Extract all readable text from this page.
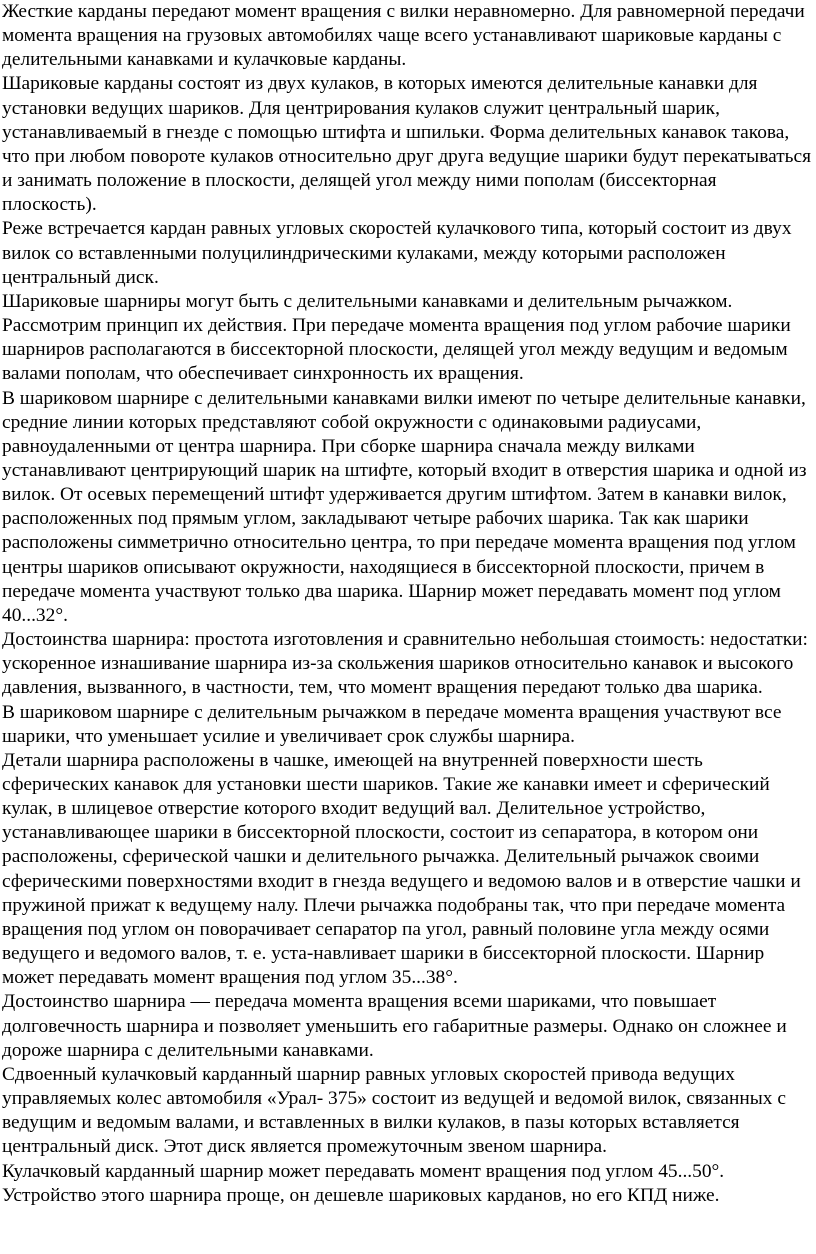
Жесткие карданы передают момент вращения с вилки неравномерно. Для равномерной передачи момента вращения на грузовых автомобилях чаще всего устанавливают шариковые карданы с делительными канавками и кулачковые карданы.

Шариковые карданы состоят из двух кулаков, в которых имеются делительные канавки для установки ведущих шариков. Для центрирования кулаков служит центральный шарик, устанавливаемый в гнезде с помощью штифта и шпильки. Форма делительных канавок такова, что при любом повороте кулаков относительно друг друга ведущие шарики будут перекатываться и занимать положение в плоскости, делящей угол между ними пополам (биссекторная плоскость).

Реже встречается кардан равных угловых скоростей кулачкового типа, который состоит из двух вилок со вставленными полуцилиндрическими кулаками, между которыми расположен центральный диск.

Шариковые шарниры могут быть с делительными канавками и делительным рычажком.

Рассмотрим принцип их действия. При передаче момента вращения под углом рабочие шарики шарниров располагаются в биссекторной плоскости, делящей угол между ведущим и ведомым валами пополам, что обеспечивает синхронность их вращения.

В шариковом шарнире с делительными канавками вилки имеют по четыре делительные канавки, средние линии которых представляют собой окружности с одинаковыми радиусами, равноудаленными от центра шарнира. При сборке шарнира сначала между вилками устанавливают центрирующий шарик на штифте, который входит в отверстия шарика и одной из вилок. От осевых перемещений штифт удерживается другим штифтом. Затем в канавки вилок, расположенных под прямым углом, закладывают четыре рабочих шарика. Так как шарики расположены симметрично относительно центра, то при передаче момента вращения под углом центры шариков описывают окружности, находящиеся в биссекторной плоскости, причем в передаче момента участвуют только два шарика. Шарнир может передавать момент под углом 40...32°.

Достоинства шарнира: простота изготовления и сравнительно небольшая стоимость: недостатки: ускоренное изнашивание шарнира из-за скольжения шариков относительно канавок и высокого давления, вызванного, в частности, тем, что момент вращения передают только два шарика.

В шариковом шарнире с делительным рычажком в передаче момента вращения участвуют все шарики, что уменьшает усилие и увеличивает срок службы шарнира.

Детали шарнира расположены в чашке, имеющей на внутренней поверхности шесть сферических канавок для установки шести шариков. Такие же канавки имеет и сферический кулак, в шлицевое отверстие которого входит ведущий вал. Делительное устройство, устанавливающее шарики в биссекторной плоскости, состоит из сепаратора, в котором они расположены, сферической чашки и делительного рычажка. Делительный рычажок своими сферическими поверхностями входит в гнезда ведущего и ведомою валов и в отверстие чашки и пружиной прижат к ведущему налу. Плечи рычажка подобраны так, что при передаче момента вращения под углом он поворачивает сепаратор па угол, равный половине угла между осями ведущего и ведомого валов, т. е. уста-навливает шарики в биссекторной плоскости. Шарнир может передавать момент вращения под углом 35...38°.

Достоинство шарнира — передача момента вращения всеми шариками, что повышает долговечность шарнира и позволяет уменьшить его габаритные размеры. Однако он сложнее и дороже шарнира с делительными канавками.

Сдвоенный кулачковый карданный шарнир равных угловых скоростей привода ведущих управляемых колес автомобиля «Урал- 375» состоит из ведущей и ведомой вилок, связанных с ведущим и ведомым валами, и вставленных в вилки кулаков, в пазы которых вставляется центральный диск. Этот диск является промежуточным звеном шарнира.

Кулачковый карданный шарнир может передавать момент вращения под углом 45...50°.

Устройство этого шарнира проще, он дешевле шариковых карданов, но его КПД ниже.
